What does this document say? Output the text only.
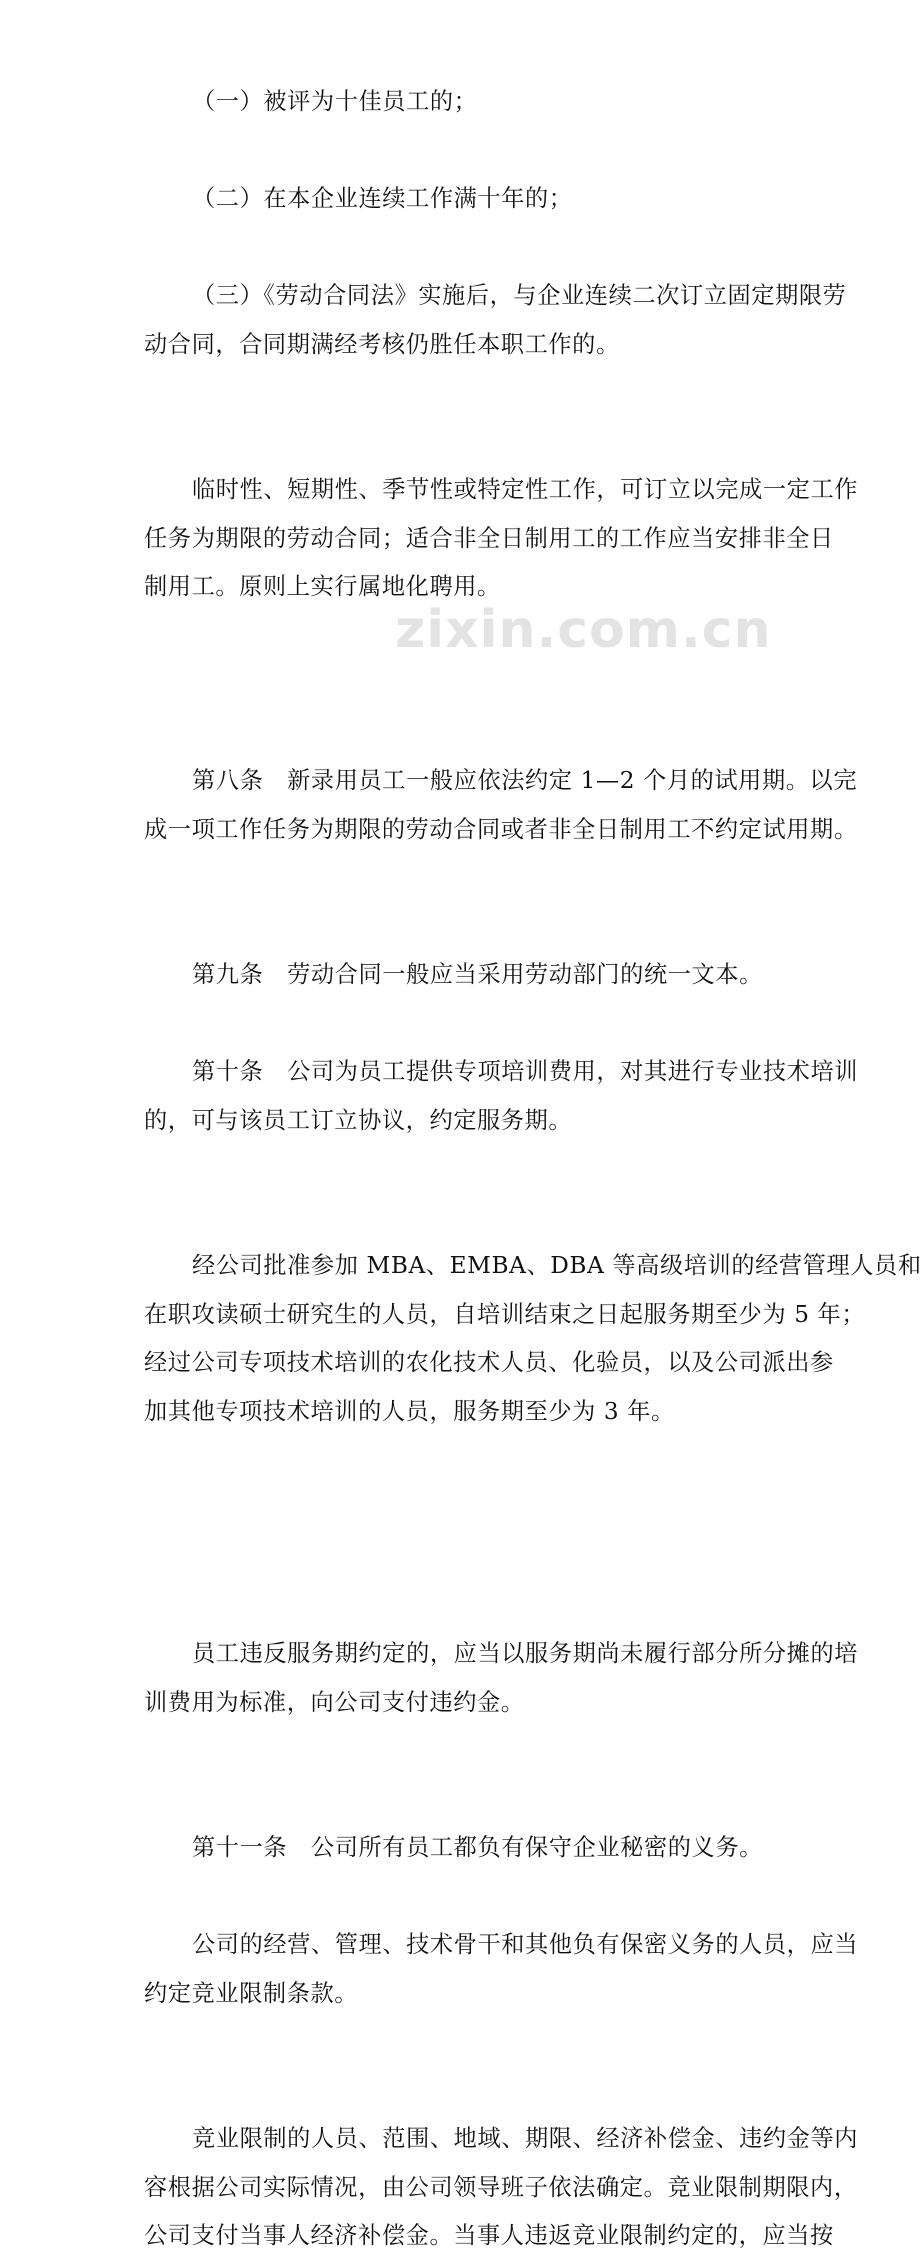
zixin.com.cn
（一）被评为十佳员工的；
（二）在本企业连续工作满十年的；
（三）《劳动合同法》实施后，与企业连续二次订立固定期限劳
动合同，合同期满经考核仍胜任本职工作的。
临时性、短期性、季节性或特定性工作，可订立以完成一定工作
任务为期限的劳动合同；适合非全日制用工的工作应当安排非全日
制用工。原则上实行属地化聘用。
第八条　新录用员工一般应依法约定 1—2 个月的试用期。以完
成一项工作任务为期限的劳动合同或者非全日制用工不约定试用期。
第九条　劳动合同一般应当采用劳动部门的统一文本。
第十条　公司为员工提供专项培训费用，对其进行专业技术培训
的，可与该员工订立协议，约定服务期。
经公司批准参加 MBA、EMBA、DBA 等高级培训的经营管理人员和
在职攻读硕士研究生的人员，自培训结束之日起服务期至少为 5 年；
经过公司专项技术培训的农化技术人员、化验员，以及公司派出参
加其他专项技术培训的人员，服务期至少为 3 年。
员工违反服务期约定的，应当以服务期尚未履行部分所分摊的培
训费用为标准，向公司支付违约金。
第十一条　公司所有员工都负有保守企业秘密的义务。
公司的经营、管理、技术骨干和其他负有保密义务的人员，应当
约定竞业限制条款。
竞业限制的人员、范围、地域、期限、经济补偿金、违约金等内
容根据公司实际情况，由公司领导班子依法确定。竞业限制期限内，
公司支付当事人经济补偿金。当事人违返竞业限制约定的，应当按
